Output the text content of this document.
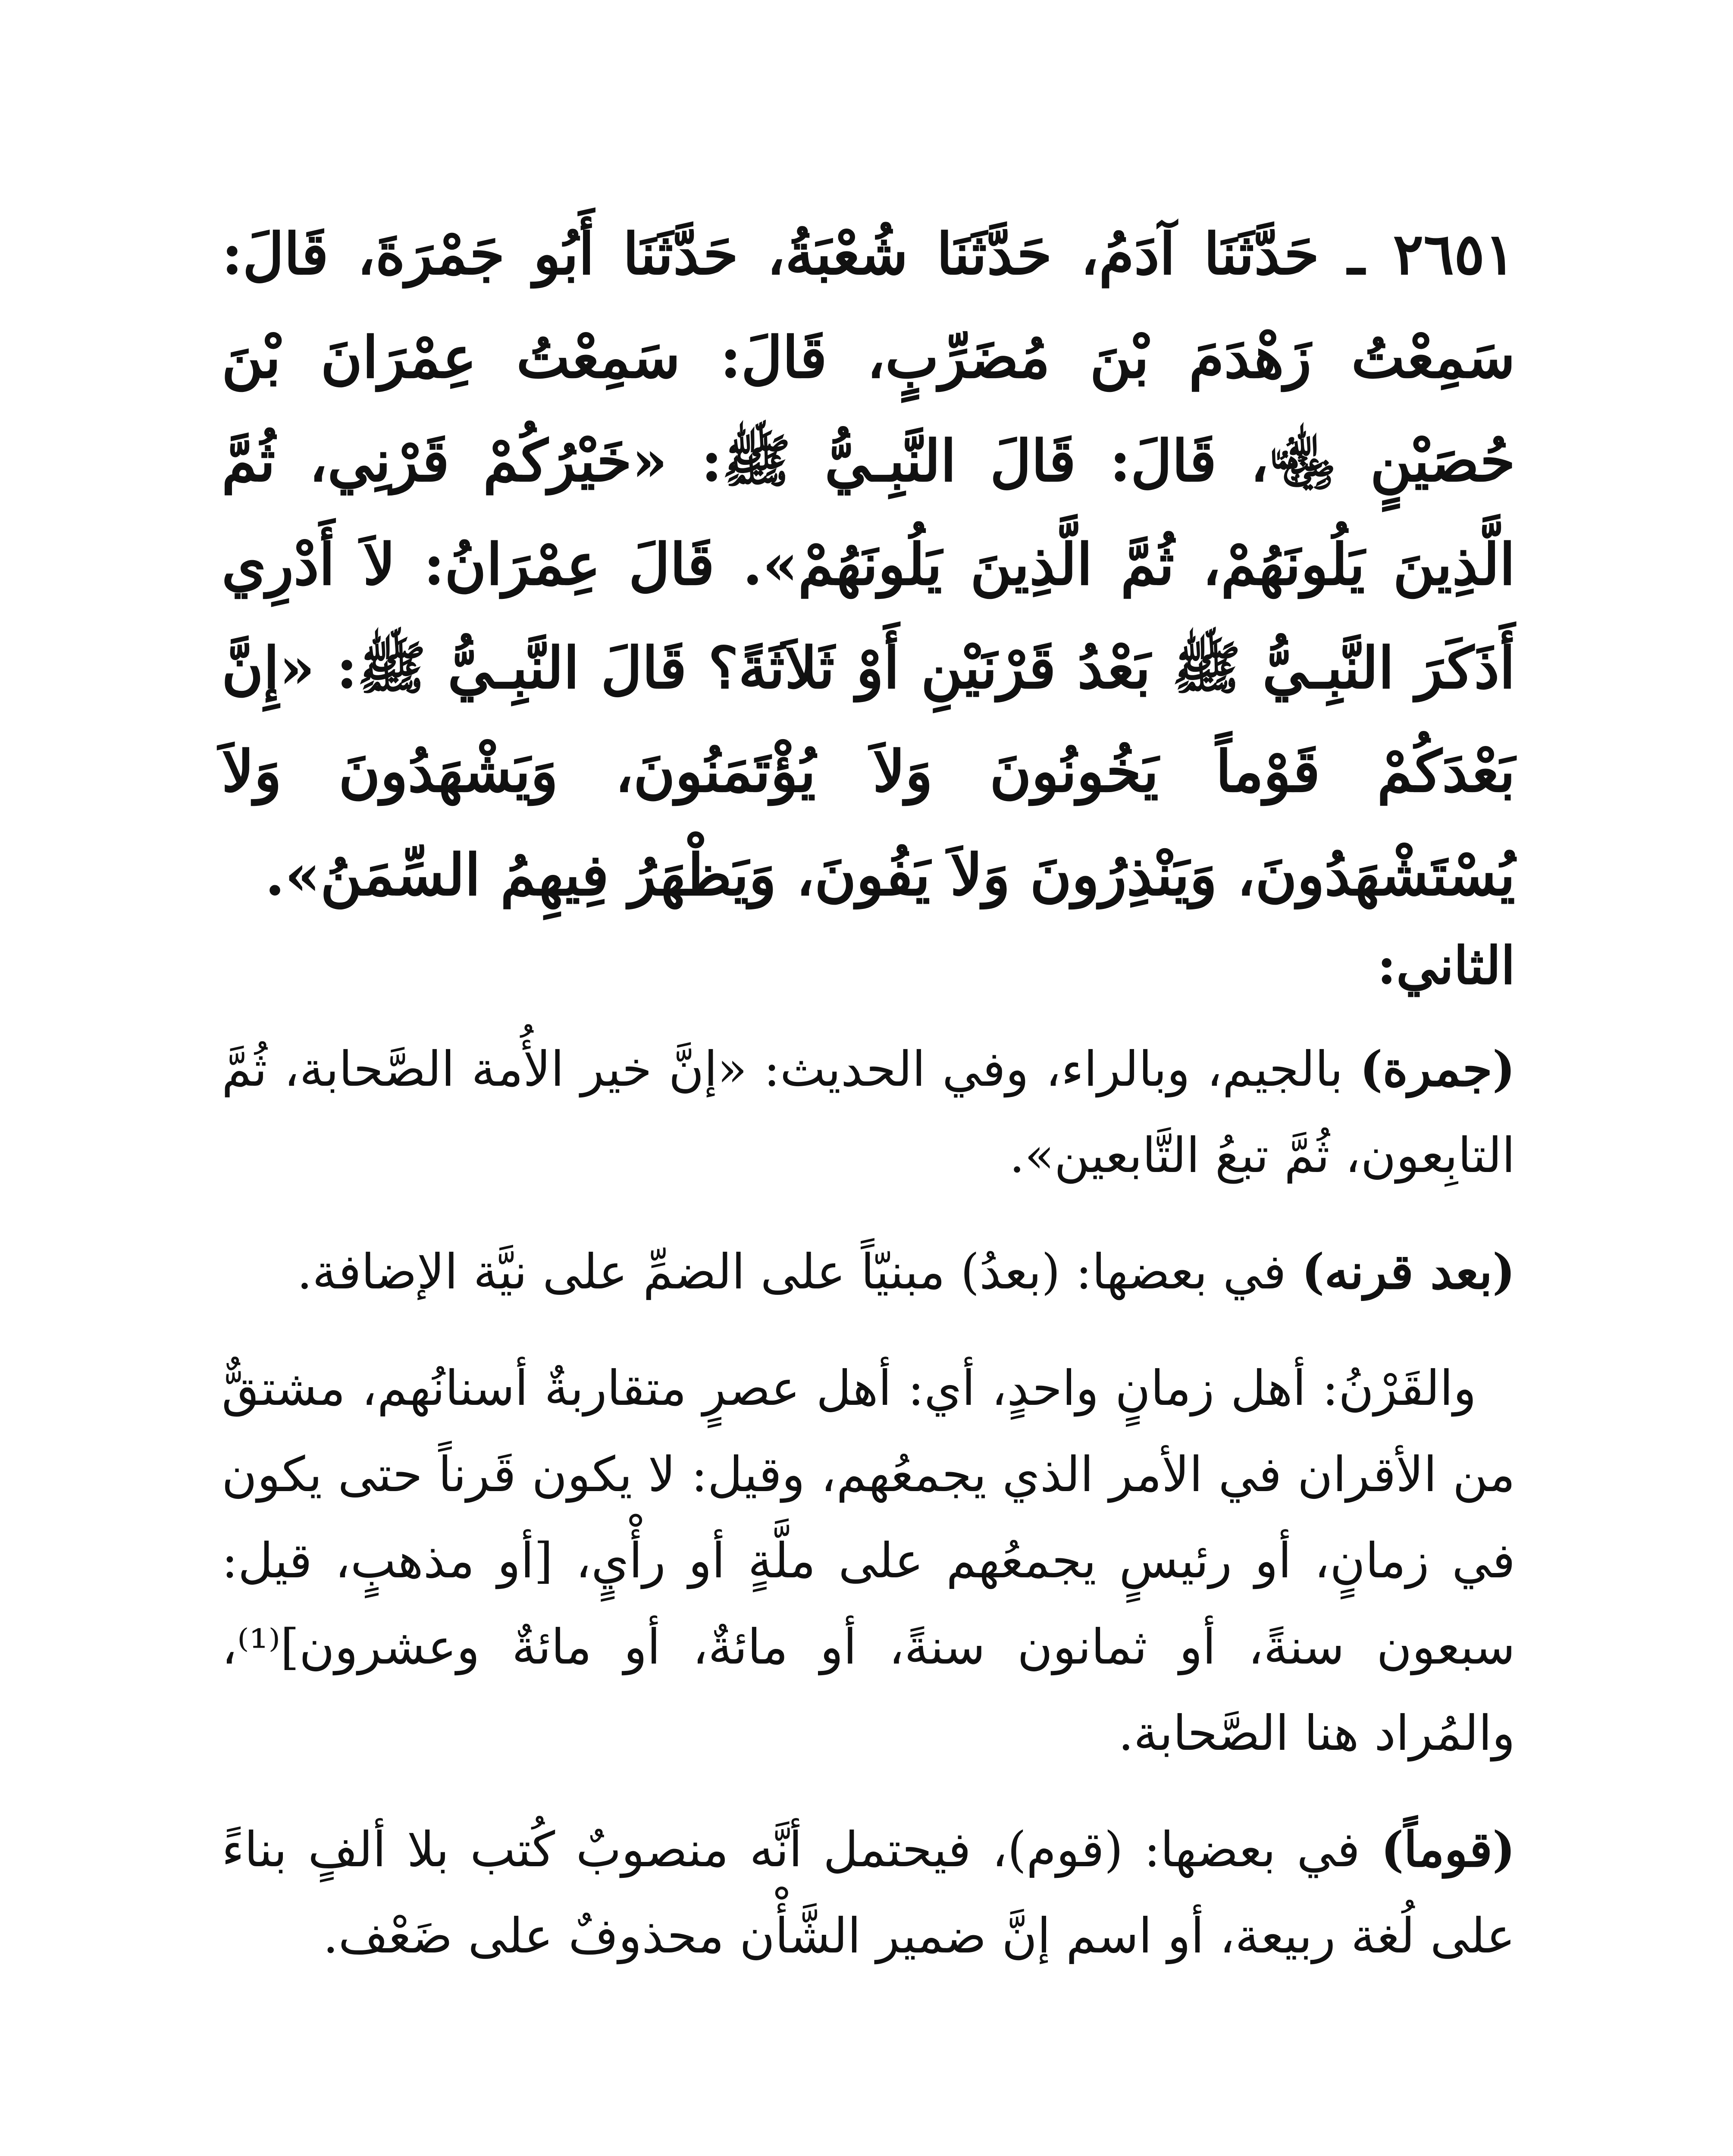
٢٦٥١ ـ حَدَّثَنَا آدَمُ، حَدَّثَنَا شُعْبَةُ، حَدَّثَنَا أَبُو جَمْرَةَ، قَالَ: سَمِعْتُ زَهْدَمَ بْنَ مُضَرِّبٍ، قَالَ: سَمِعْتُ عِمْرَانَ بْنَ حُصَيْنٍ ﵄، قَالَ: قَالَ النَّبِـيُّ ﷺ: «خَيْرُكُمْ قَرْنِي، ثُمَّ الَّذِينَ يَلُونَهُمْ، ثُمَّ الَّذِينَ يَلُونَهُمْ». قَالَ عِمْرَانُ: لاَ أَدْرِي أَذَكَرَ النَّبِـيُّ ﷺ بَعْدُ قَرْنَيْنِ أَوْ ثَلاَثَةً؟ قَالَ النَّبِـيُّ ﷺ: «إِنَّ بَعْدَكُمْ قَوْماً يَخُونُونَ وَلاَ يُؤْتَمَنُونَ، وَيَشْهَدُونَ وَلاَ يُسْتَشْهَدُونَ، وَيَنْذِرُونَ وَلاَ يَفُونَ، وَيَظْهَرُ فِيهِمُ السِّمَنُ».

الثاني:

(جمرة) بالجيم، وبالراء، وفي الحديث: «إنَّ خير الأُمة الصَّحابة، ثُمَّ التابِعون، ثُمَّ تبعُ التَّابعين».

(بعد قرنه) في بعضها: (بعدُ) مبنيّاً على الضمِّ على نيَّة الإضافة.

والقَرْنُ: أهل زمانٍ واحدٍ، أي: أهل عصرٍ متقاربةٌ أسنانُهم، مشتقٌّ من الأقران في الأمر الذي يجمعُهم، وقيل: لا يكون قَرناً حتى يكون في زمانٍ، أو رئيسٍ يجمعُهم على ملَّةٍ أو رأْيٍ، [أو مذهبٍ، قيل: سبعون سنةً، أو ثمانون سنةً، أو مائةٌ، أو مائةٌ وعشرون]⁽¹⁾، والمُراد هنا الصَّحابة.

(قوماً) في بعضها: (قوم)، فيحتمل أنَّه منصوبٌ كُتب بلا ألفٍ بناءً على لُغة ربيعة، أو اسم إنَّ ضمير الشَّأْن محذوفٌ على ضَعْف.
